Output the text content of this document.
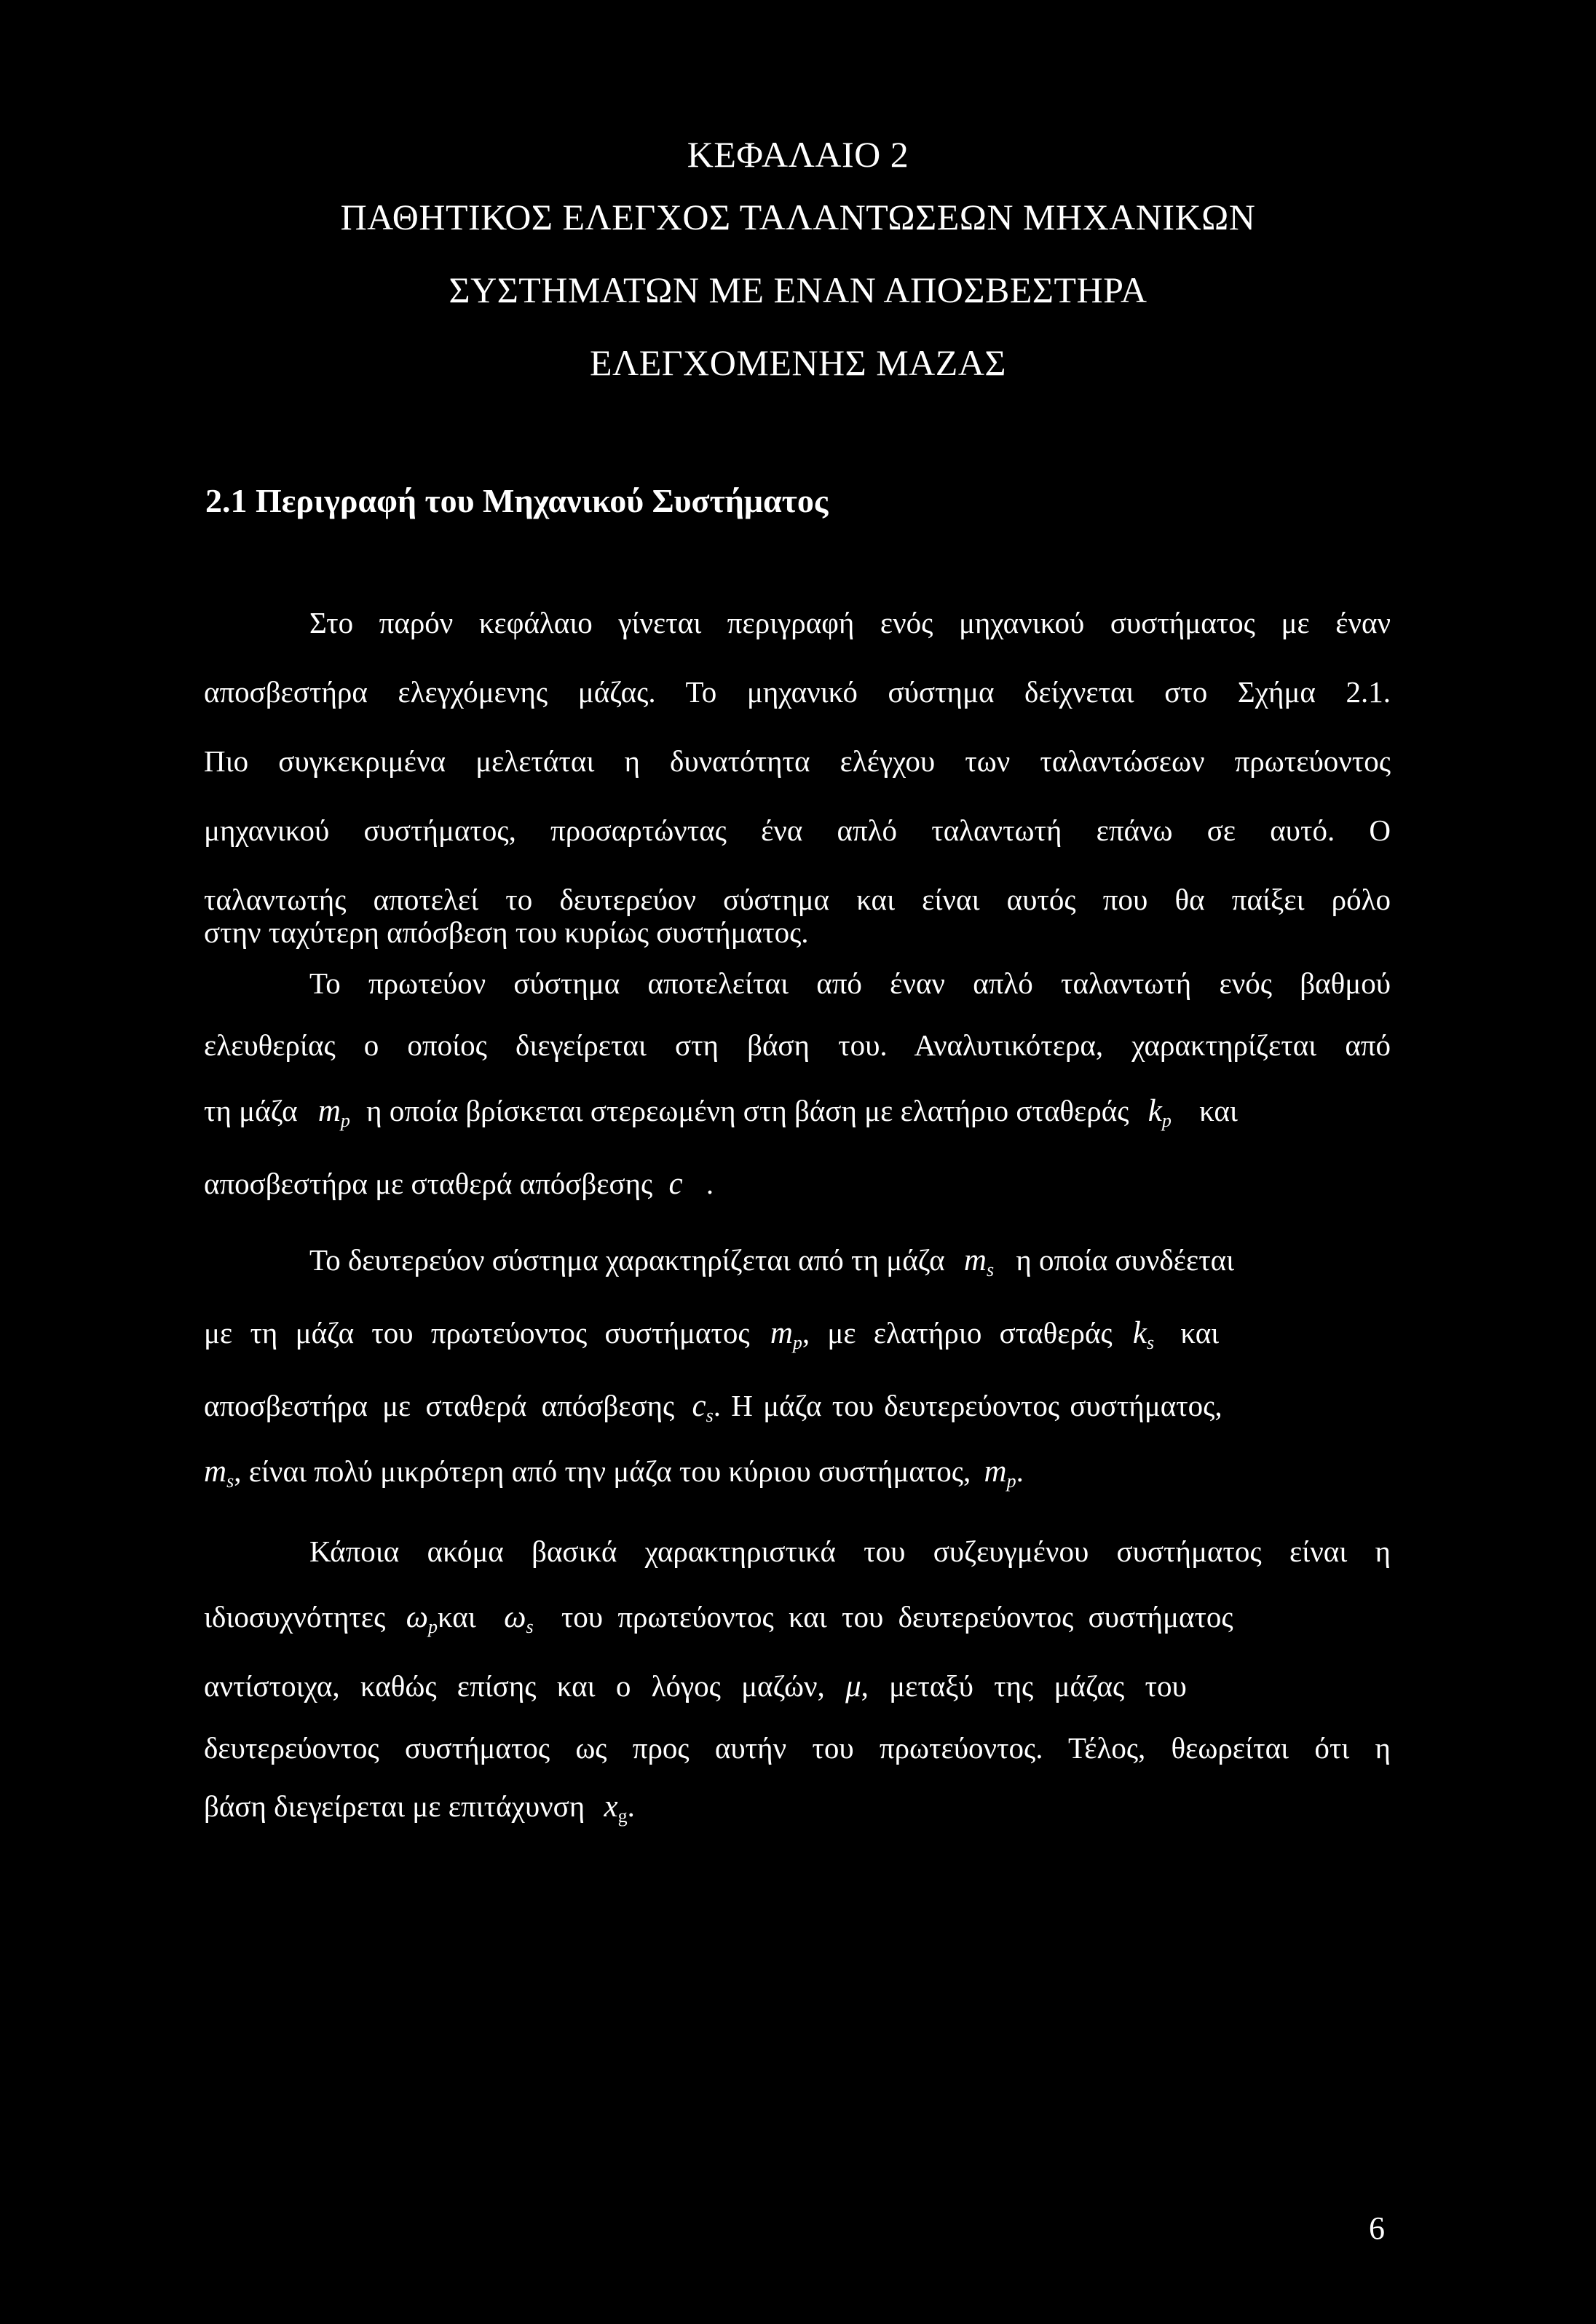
ΚΕΦΑΛΑΙΟ 2
ΠΑΘΗΤΙΚΟΣ ΕΛΕΓΧΟΣ ΤΑΛΑΝΤΩΣΕΩΝ ΜΗΧΑΝΙΚΩΝ
ΣΥΣΤΗΜΑΤΩΝ ΜΕ ΕΝΑΝ ΑΠΟΣΒΕΣΤΗΡΑ
ΕΛΕΓΧΟΜΕΝΗΣ ΜΑΖΑΣ
2.1 Περιγραφή του Μηχανικού Συστήματος
Στο παρόν κεφάλαιο γίνεται περιγραφή ενός μηχανικού συστήματος με έναν
αποσβεστήρα ελεγχόμενης μάζας. Το μηχανικό σύστημα δείχνεται στο Σχήμα 2.1.
Πιο συγκεκριμένα μελετάται η δυνατότητα ελέγχου των ταλαντώσεων πρωτεύοντος
μηχανικού συστήματος, προσαρτώντας ένα απλό ταλαντωτή επάνω σε αυτό. Ο
ταλαντωτής αποτελεί το δευτερεύον σύστημα και είναι αυτός που θα παίξει ρόλο
στην ταχύτερη απόσβεση του κυρίως συστήματος.
Το πρωτεύον σύστημα αποτελείται από έναν απλό ταλαντωτή ενός βαθμού
ελευθερίας ο οποίος διεγείρεται στη βάση του. Αναλυτικότερα, χαρακτηρίζεται από
τη μάζα $m_p$ η οποία βρίσκεται στερεωμένη στη βάση με ελατήριο σταθεράς $k_p$ και
αποσβεστήρα με σταθερά απόσβεσης c .
Το δευτερεύον σύστημα χαρακτηρίζεται από τη μάζα $m_s$ η οποία συνδέεται
με τη μάζα του πρωτεύοντος συστήματος $m_p$, με ελατήριο σταθεράς $k_s$ και
αποσβεστήρα με σταθερά απόσβεσης $c_s$. Η μάζα του δευτερεύοντος συστήματος,
$m_s$, είναι πολύ μικρότερη από την μάζα του κύριου συστήματος, $m_p$.
Κάποια ακόμα βασικά χαρακτηριστικά του συζευγμένου συστήματος είναι η
ιδιοσυχνότητες $\omega_p\kappa\alpha\iota$ $\omega_s$ του πρωτεύοντος και του δευτερεύοντος συστήματος
αντίστοιχα, καθώς επίσης και ο λόγος μαζών, μ, μεταξύ της μάζας του
δευτερεύοντος συστήματος ως προς αυτήν του πρωτεύοντος. Τέλος, θεωρείται ότι η
βάση διεγείρεται με επιτάχυνση $x_g$.
6
